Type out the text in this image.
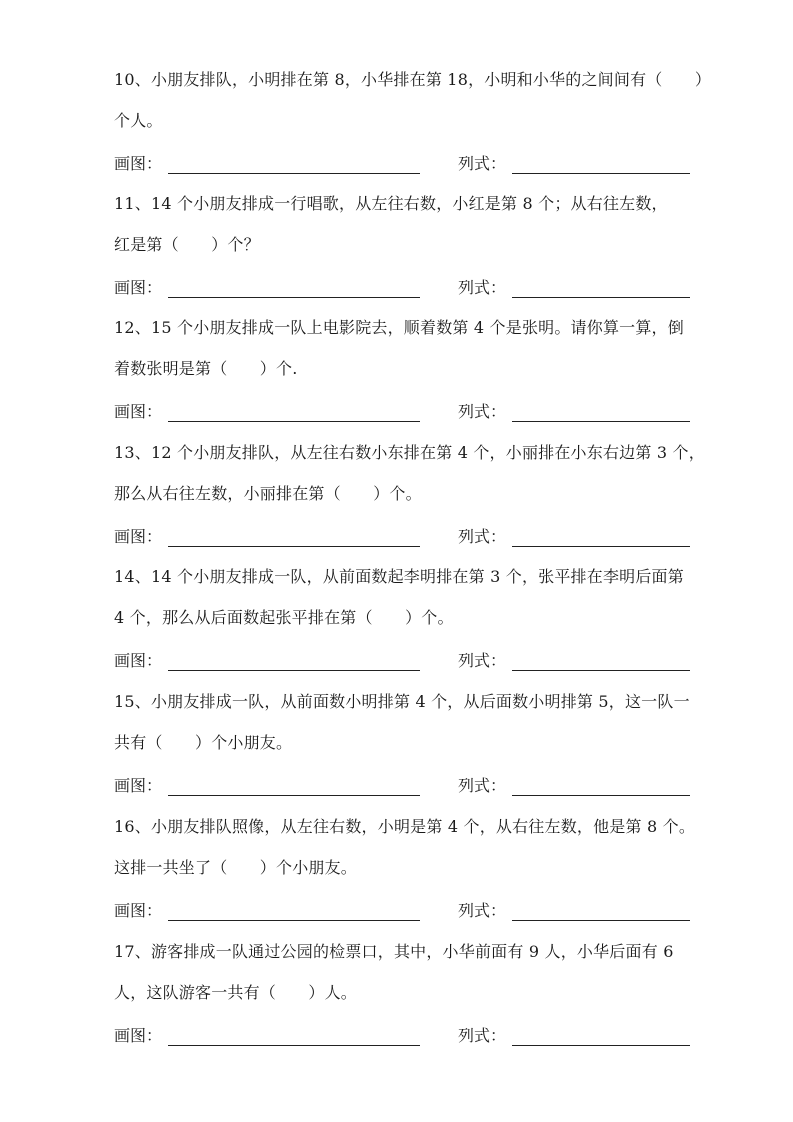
10、小朋友排队，小明排在第 8，小华排在第 18，小明和小华的之间间有（　　）
个人。
画图：	列式：
11、14 个小朋友排成一行唱歌，从左往右数，小红是第 8 个；从右往左数，
红是第（　　）个？
画图：	列式：
12、15 个小朋友排成一队上电影院去，顺着数第 4 个是张明。请你算一算，倒
着数张明是第（　　）个.
画图：	列式：
13、12 个小朋友排队，从左往右数小东排在第 4 个，小丽排在小东右边第 3 个，
那么从右往左数，小丽排在第（　　）个。
画图：	列式：
14、14 个小朋友排成一队，从前面数起李明排在第 3 个，张平排在李明后面第
4 个，那么从后面数起张平排在第（　　）个。
画图：	列式：
15、小朋友排成一队，从前面数小明排第 4 个，从后面数小明排第 5，这一队一
共有（　　）个小朋友。
画图：	列式：
16、小朋友排队照像，从左往右数，小明是第 4 个，从右往左数，他是第 8 个。
这排一共坐了（　　）个小朋友。
画图：	列式：
17、游客排成一队通过公园的检票口，其中，小华前面有 9 人，小华后面有 6
人，这队游客一共有（　　）人。
画图：	列式：
